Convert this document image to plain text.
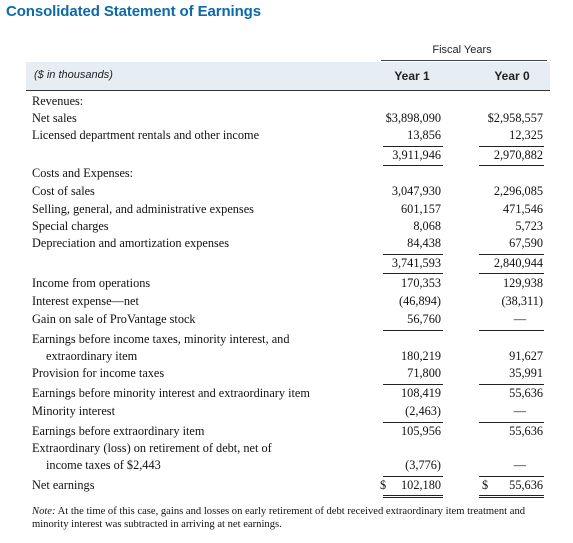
Consolidated Statement of Earnings
Fiscal Years
($ in thousands)	Year 1	Year 0
Revenues:
Net sales	$3,898,090	$2,958,557
Licensed department rentals and other income	13,856	12,325
3,911,946	2,970,882
Costs and Expenses:
Cost of sales	3,047,930	2,296,085
Selling, general, and administrative expenses	601,157	471,546
Special charges	8,068	5,723
Depreciation and amortization expenses	84,438	67,590
3,741,593	2,840,944
Income from operations	170,353	129,938
Interest expense—net	(46,894)	(38,311)
Gain on sale of ProVantage stock	56,760	—
Earnings before income taxes, minority interest, and
extraordinary item	180,219	91,627
Provision for income taxes	71,800	35,991
Earnings before minority interest and extraordinary item	108,419	55,636
Minority interest	(2,463)	—
Earnings before extraordinary item	105,956	55,636
Extraordinary (loss) on retirement of debt, net of
income taxes of $2,443	(3,776)	—
Net earnings	$ 102,180	$ 55,636
Note: At the time of this case, gains and losses on early retirement of debt received extraordinary item treatment and minority interest was subtracted in arriving at net earnings.
